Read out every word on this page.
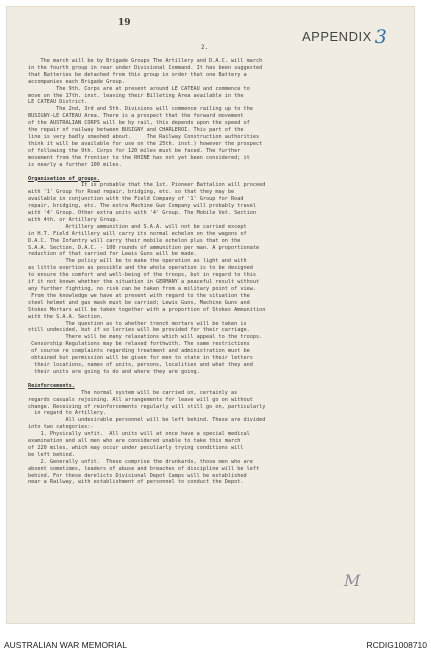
19
2.
APPENDIX 3
The march will be by Brigade Groups The Artillery and D.A.C. will march
in the fourth group in rear under Divisional Command. It has been suggested
that Batteries be detached from this group in order that one Battery a
accompanies each Brigade Group.
The 9th. Corps are at present around LE CATEAU and commence to
move on the 17th. inst. leaving their Billeting Area available in the
LE CATEAU District.
The 2nd, 3rd and 5th. Divisions will commence railing up to the
BUSIGNY-LE CATEAU Area. There is a prospect that the forward movement
of the AUSTRALIAN CORPS will be by rail, this depends upon the speed of
the repair of railway between BUSIGNY and CHARLEROI. This part of the
line is very badly smashed about.     The Railway Construction authorities
think it will be available for use on the 25th. inst.) however the prospect
of following the 9th. Corps for 120 miles must be faced. The further
movement from the frontier to the RHINE has not yet been considered; it
is nearly a further 100 miles.
Organisation of groups.
It is probable that the 1st. Pioneer Battalion will proceed
with '1' Group for Road repair, bridging, etc. so that they may be
available in conjunction with the Field Company of '1' Group for Road
repair, bridging, etc. The extra Machine Gun Company will probably travel
with '4' Group. Other extra units with '4' Group. The Mobile Vet. Section
with 4th. or Artillery Group.
Artillery ammunition and S.A.A. will not be carried except
in H.T. Field Artillery will carry its normal echelon on the wagons of
D.A.C. The Infantry will carry their mobile echelon plus that on the
S.A.A. Section, D.A.C. - 100 rounds of ammunition per man. A proportionate
reduction of that carried for Lewis Guns will be made.
The policy will be to make the operation as light and with
as little exertion as possible and the whole operation is to be designed
to ensure the comfort and well-being of the troops, but in regard to this
if it not known whether the situation in GERMANY a peaceful result without
any further fighting, no risk can be taken from a military point of view.
From the knowledge we have at present with regard to the situation the
steel helmet and gas mask must be carried; Lewis Guns, Machine Guns and
Stokes Mortars will be taken together with a proportion of Stokes Ammunition
with the S.A.A. Section.
The question as to whether trench mortars will be taken is
still undecided, but if so lorries will be provided for their carriage.
There will be many relaxations which will appeal to the troops.
Censorship Regulations may be relaxed forthwith. The same restrictions
of course re complaints regarding treatment and administration must be
obtained but permission will be given for men to state in their letters
their locations, names of units, persons, localities and what they and
their units are going to do and where they are going.
Reinforcements.
The normal system will be carried on, certainly as
regards casuals rejoining. All arrangements for leave will go on without
change. Receiving of reinforcements regularly will still go on, particularly
in regard to Artillery.
All undesirable personnel will be left behind. These are divided
into two categories:-
1. Physically unfit.  All units will at once have a special medical
examination and all men who are considered unable to take this march
of 220 miles, which may occur under peculiarly trying conditions will
be left behind.
2. Generally unfit.  These comprise the drunkards, those men who are
absent sometimes, leaders of abuse and breaches of discipline will be left
behind. For these derelicts Divisional Depot Camps will be established
near a Railway, with establishment of personnel to conduct the Depot.
M
AUSTRALIAN WAR MEMORIAL	RCDIG1008710
